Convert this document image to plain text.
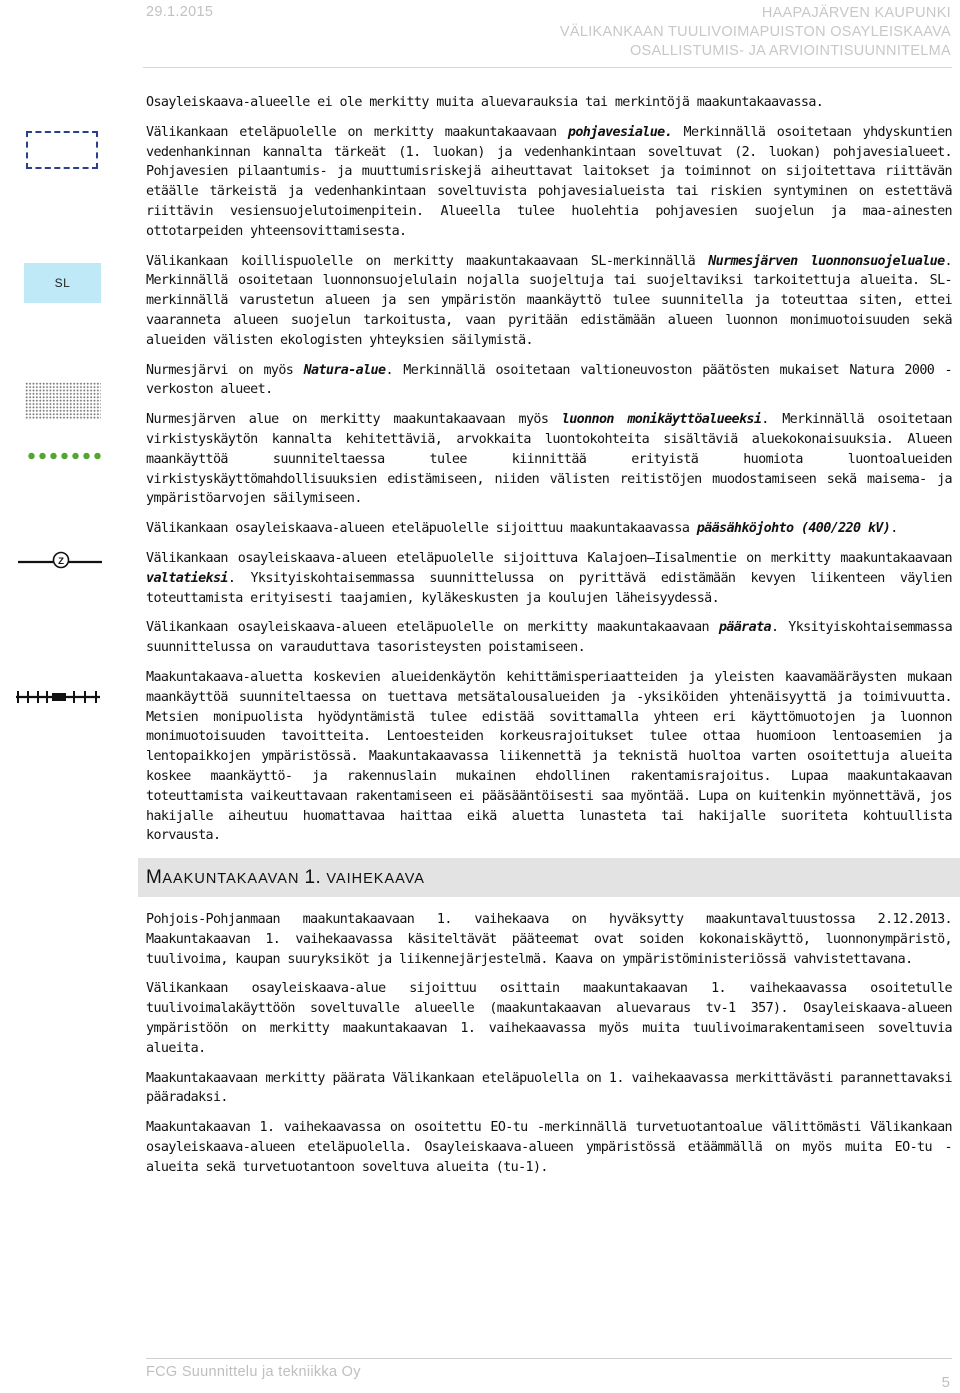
29.1.2015	HAAPAJÄRVEN KAUPUNKI
VÄLIKANKAAN TUULIVOIMAPUISTON OSAYLEISKAAVA
OSALLISTUMIS- JA ARVIOINTISUUNNITELMA
SL
Z

Osayleiskaava-alueelle ei ole merkitty muita aluevarauksia tai merkintöjä maakuntakaavassa.

Välikankaan eteläpuolelle on merkitty maakuntakaavaan pohjavesialue. Merkinnällä osoitetaan yhdyskuntien vedenhankinnan kannalta tärkeät (1. luokan) ja vedenhankintaan soveltuvat (2. luokan) pohjavesialueet. Pohjavesien pilaantumis- ja muuttumisriskejä aiheuttavat laitokset ja toiminnot on sijoitettava riittävän etäälle tärkeistä ja vedenhankintaan soveltuvista pohjavesialueista tai riskien syntyminen on estettävä riittävin vesiensuojelutoimenpitein. Alueella tulee huolehtia pohjavesien suojelun ja maa-ainesten ottotarpeiden yhteensovittamisesta.

Välikankaan koillispuolelle on merkitty maakuntakaavaan SL-merkinnällä Nurmesjärven luonnonsuojelualue. Merkinnällä osoitetaan luonnonsuojelulain nojalla suojeltuja tai suojeltaviksi tarkoitettuja alueita. SL-merkinnällä varustetun alueen ja sen ympäristön maankäyttö tulee suunnitella ja toteuttaa siten, ettei vaaranneta alueen suojelun tarkoitusta, vaan pyritään edistämään alueen luonnon monimuotoisuuden sekä alueiden välisten ekologisten yhteyksien säilymistä.

Nurmesjärvi on myös Natura-alue. Merkinnällä osoitetaan valtioneuvoston päätösten mukaiset Natura 2000 -verkoston alueet.

Nurmesjärven alue on merkitty maakuntakaavaan myös luonnon monikäyttöalueeksi. Merkinnällä osoitetaan virkistyskäytön kannalta kehitettäviä, arvokkaita luontokohteita sisältäviä aluekokonaisuuksia. Alueen maankäyttöä suunniteltaessa tulee kiinnittää erityistä huomiota luontoalueiden virkistyskäyttömahdollisuuksien edistämiseen, niiden välisten reitistöjen muodostamiseen sekä maisema- ja ympäristöarvojen säilymiseen.

Välikankaan osayleiskaava-alueen eteläpuolelle sijoittuu maakuntakaavassa pääsähköjohto (400/220 kV).

Välikankaan osayleiskaava-alueen eteläpuolelle sijoittuva Kalajoen–Iisalmentie on merkitty maakuntakaavaan valtatieksi. Yksityiskohtaisemmassa suunnittelussa on pyrittävä edistämään kevyen liikenteen väylien toteuttamista erityisesti taajamien, kyläkeskusten ja koulujen läheisyydessä.

Välikankaan osayleiskaava-alueen eteläpuolelle on merkitty maakuntakaavaan päärata. Yksityiskohtaisemmassa suunnittelussa on varauduttava tasoristeysten poistamiseen.

Maakuntakaava-aluetta koskevien alueidenkäytön kehittämisperiaatteiden ja yleisten kaavamääräysten mukaan maankäyttöä suunniteltaessa on tuettava metsätalousalueiden ja -yksiköiden yhtenäisyyttä ja toimivuutta. Metsien monipuolista hyödyntämistä tulee edistää sovittamalla yhteen eri käyttömuotojen ja luonnon monimuotoisuuden tavoitteita. Lentoesteiden korkeusrajoitukset tulee ottaa huomioon lentoasemien ja lentopaikkojen ympäristössä. Maakuntakaavassa liikennettä ja teknistä huoltoa varten osoitettuja alueita koskee maankäyttö- ja rakennuslain mukainen ehdollinen rakentamisrajoitus. Lupaa maakuntakaavan toteuttamista vaikeuttavaan rakentamiseen ei pääsääntöisesti saa myöntää. Lupa on kuitenkin myönnettävä, jos hakijalle aiheutuu huomattavaa haittaa eikä aluetta lunasteta tai hakijalle suoriteta kohtuullista korvausta.

MAAKUNTAKAAVAN 1. VAIHEKAAVA

Pohjois-Pohjanmaan maakuntakaavaan 1. vaihekaava on hyväksytty maakuntavaltuustossa 2.12.2013. Maakuntakaavan 1. vaihekaavassa käsiteltävät pääteemat ovat soiden kokonaiskäyttö, luonnonympäristö, tuulivoima, kaupan suuryksiköt ja liikennejärjestelmä. Kaava on ympäristöministeriössä vahvistettavana.

Välikankaan osayleiskaava-alue sijoittuu osittain maakuntakaavan 1. vaihekaavassa osoitetulle tuulivoimalakäyttöön soveltuvalle alueelle (maakuntakaavan aluevaraus tv-1 357). Osayleiskaava-alueen ympäristöön on merkitty maakuntakaavan 1. vaihekaavassa myös muita tuulivoimarakentamiseen soveltuvia alueita.

Maakuntakaavaan merkitty päärata Välikankaan eteläpuolella on 1. vaihekaavassa merkittävästi parannettavaksi pääradaksi.

Maakuntakaavan 1. vaihekaavassa on osoitettu EO-tu -merkinnällä turvetuotantoalue välittömästi Välikankaan osayleiskaava-alueen eteläpuolella. Osayleiskaava-alueen ympäristössä etäämmällä on myös muita EO-tu -alueita sekä turvetuotantoon soveltuva alueita (tu-1).

FCG Suunnittelu ja tekniikka Oy
5
